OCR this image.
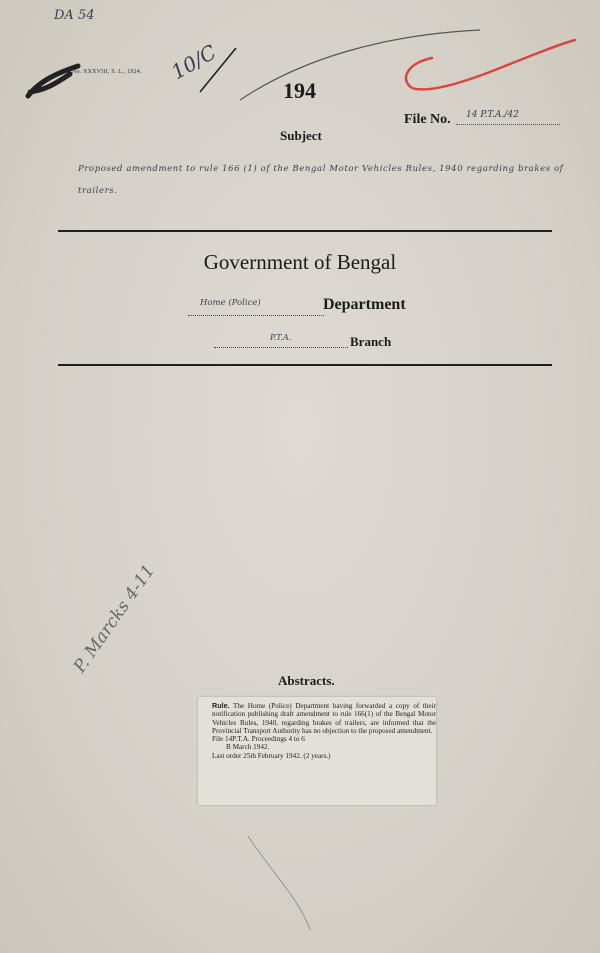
DA 54
10/C
No. XXXVIII, S. L., 1924.
194
File No. 14 P.T.A./42
Subject
Proposed amendment to rule 166 (1) of the Bengal Motor Vehicles Rules, 1940 regarding brakes of trailers.
Government of Bengal
Home (Police)	Department
P.T.A.	Branch
P. Marcks 4-11
Abstracts.

Rule. The Home (Police) Department having forwarded a copy of their notification publishing draft amendment to rule 166(1) of the Bengal Motor Vehicles Rules, 1940, regarding brakes of trailers, are informed that the Provincial Transport Authority has no objection to the proposed amendment.
File 14P.T.A. Proceedings 4 to 6
B March 1942.
Last order 25th February 1942. (2 years.)
